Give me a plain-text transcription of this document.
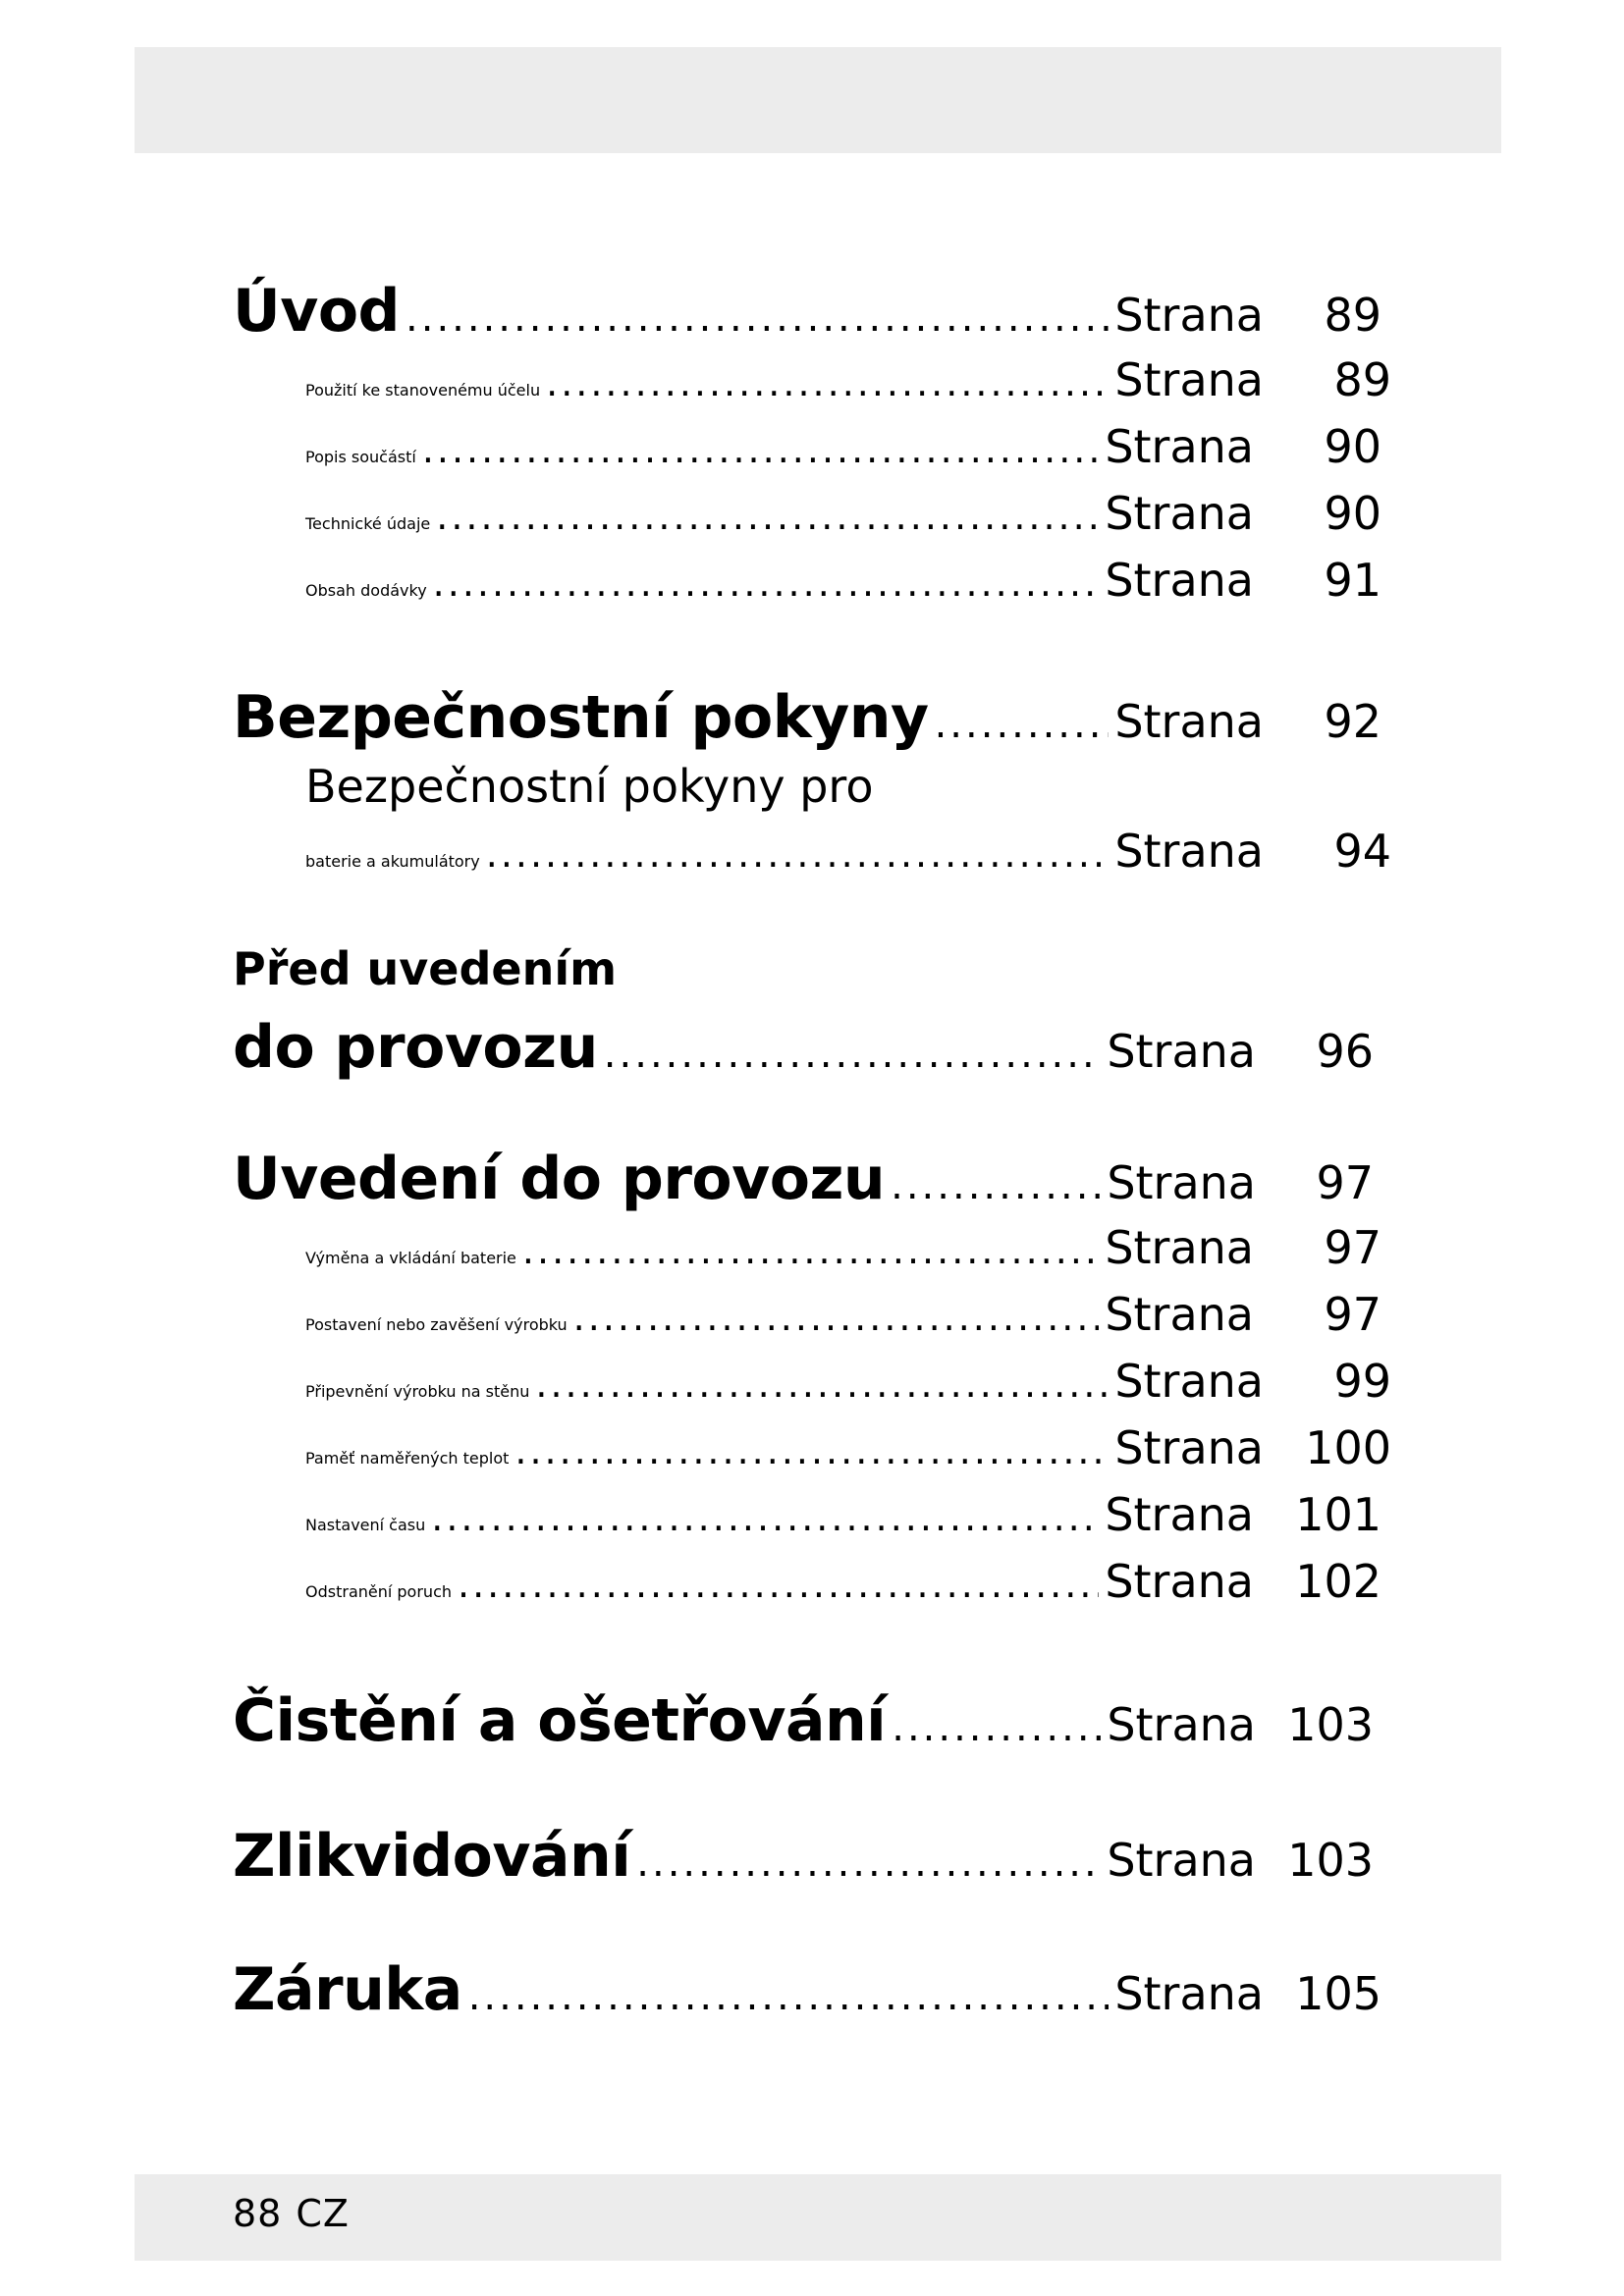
Úvod .....	Strana	89
Použití ke stanovenému účelu .....	Strana	89
Popis součástí .....	Strana	90
Technické údaje .....	Strana	90
Obsah dodávky .....	Strana	91
Bezpečnostní pokyny .....	Strana	92
Bezpečnostní pokyny pro
baterie a akumulátory .....	Strana	94
Před uvedením
do provozu .....	Strana	96
Uvedení do provozu .....	Strana	97
Výměna a vkládání baterie .....	Strana	97
Postavení nebo zavěšení výrobku .....	Strana	97
Připevnění výrobku na stěnu .....	Strana	99
Paměť naměřených teplot .....	Strana 100
Nastavení času .....	Strana 101
Odstranění poruch .....	Strana 102
Čistění a ošetřování .....	Strana 103
Zlikvidování .....	Strana 103
Záruka .....	Strana 105
88 CZ
